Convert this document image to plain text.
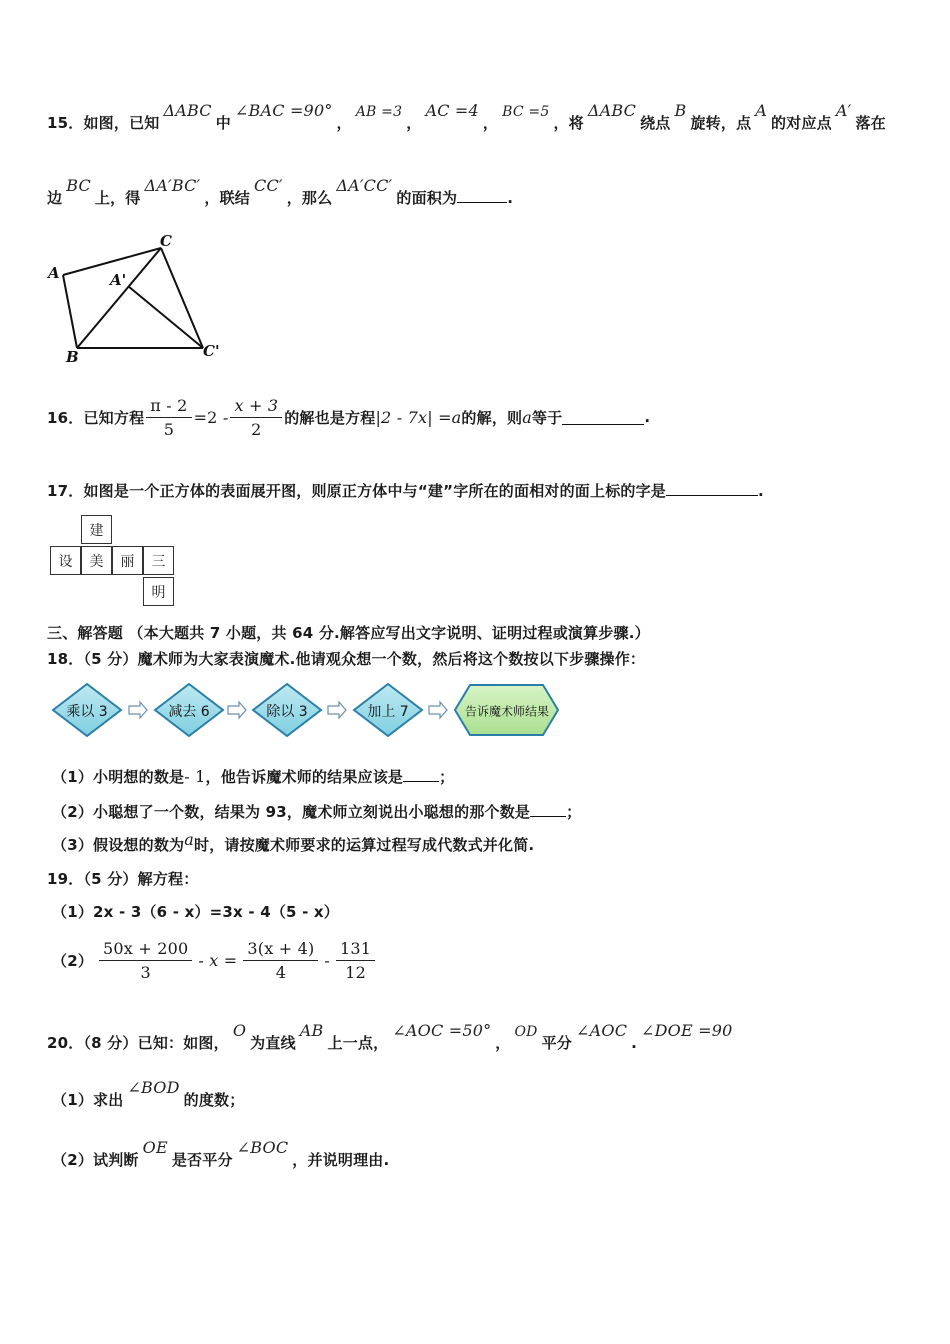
15．如图，已知ΔABC中∠BAC =90°，AB =3，AC =4，BC =5，将ΔABC绕点B旋转，点A的对应点A′落在
边BC上，得ΔA′BC′，联结CC′，那么ΔA′CC′的面积为	.
A
C
A'
B	C'
16．已知方程 $\frac{\pi - 2}{5} =2 - \frac{x + 3}{2}$ 的解也是方程 |2 - 7x| =a 的解，则 a 等于	.
17．如图是一个正方体的表面展开图，则原正方体中与“建”字所在的面相对的面上标的字是	.
建
设	美	丽	三
明
三、解答题 （本大题共 7 小题，共 64 分.解答应写出文字说明、证明过程或演算步骤.）
18．（5 分）魔术师为大家表演魔术.他请观众想一个数，然后将这个数按以下步骤操作：
乘以 3	减去 6	除以 3	加上 7	告诉魔术师结果
（1）小明想的数是- 1，他告诉魔术师的结果应该是 ；
（2）小聪想了一个数，结果为 93，魔术师立刻说出小聪想的那个数是 ；
（3）假设想的数为a时，请按魔术师要求的运算过程写成代数式并化简.
19．（5 分）解方程：
（1）2x - 3（6 - x）=3x - 4（5 - x）
$(2) \frac{50x + 200}{3} - x = \frac{3(x + 4)}{4} - \frac{131}{12}$
20．（8 分）已知：如图，O为直线AB上一点，∠AOC =50°，OD平分∠AOC.∠DOE =90
（1）求出∠BOD的度数；
（2）试判断OE是否平分∠BOC，并说明理由.
